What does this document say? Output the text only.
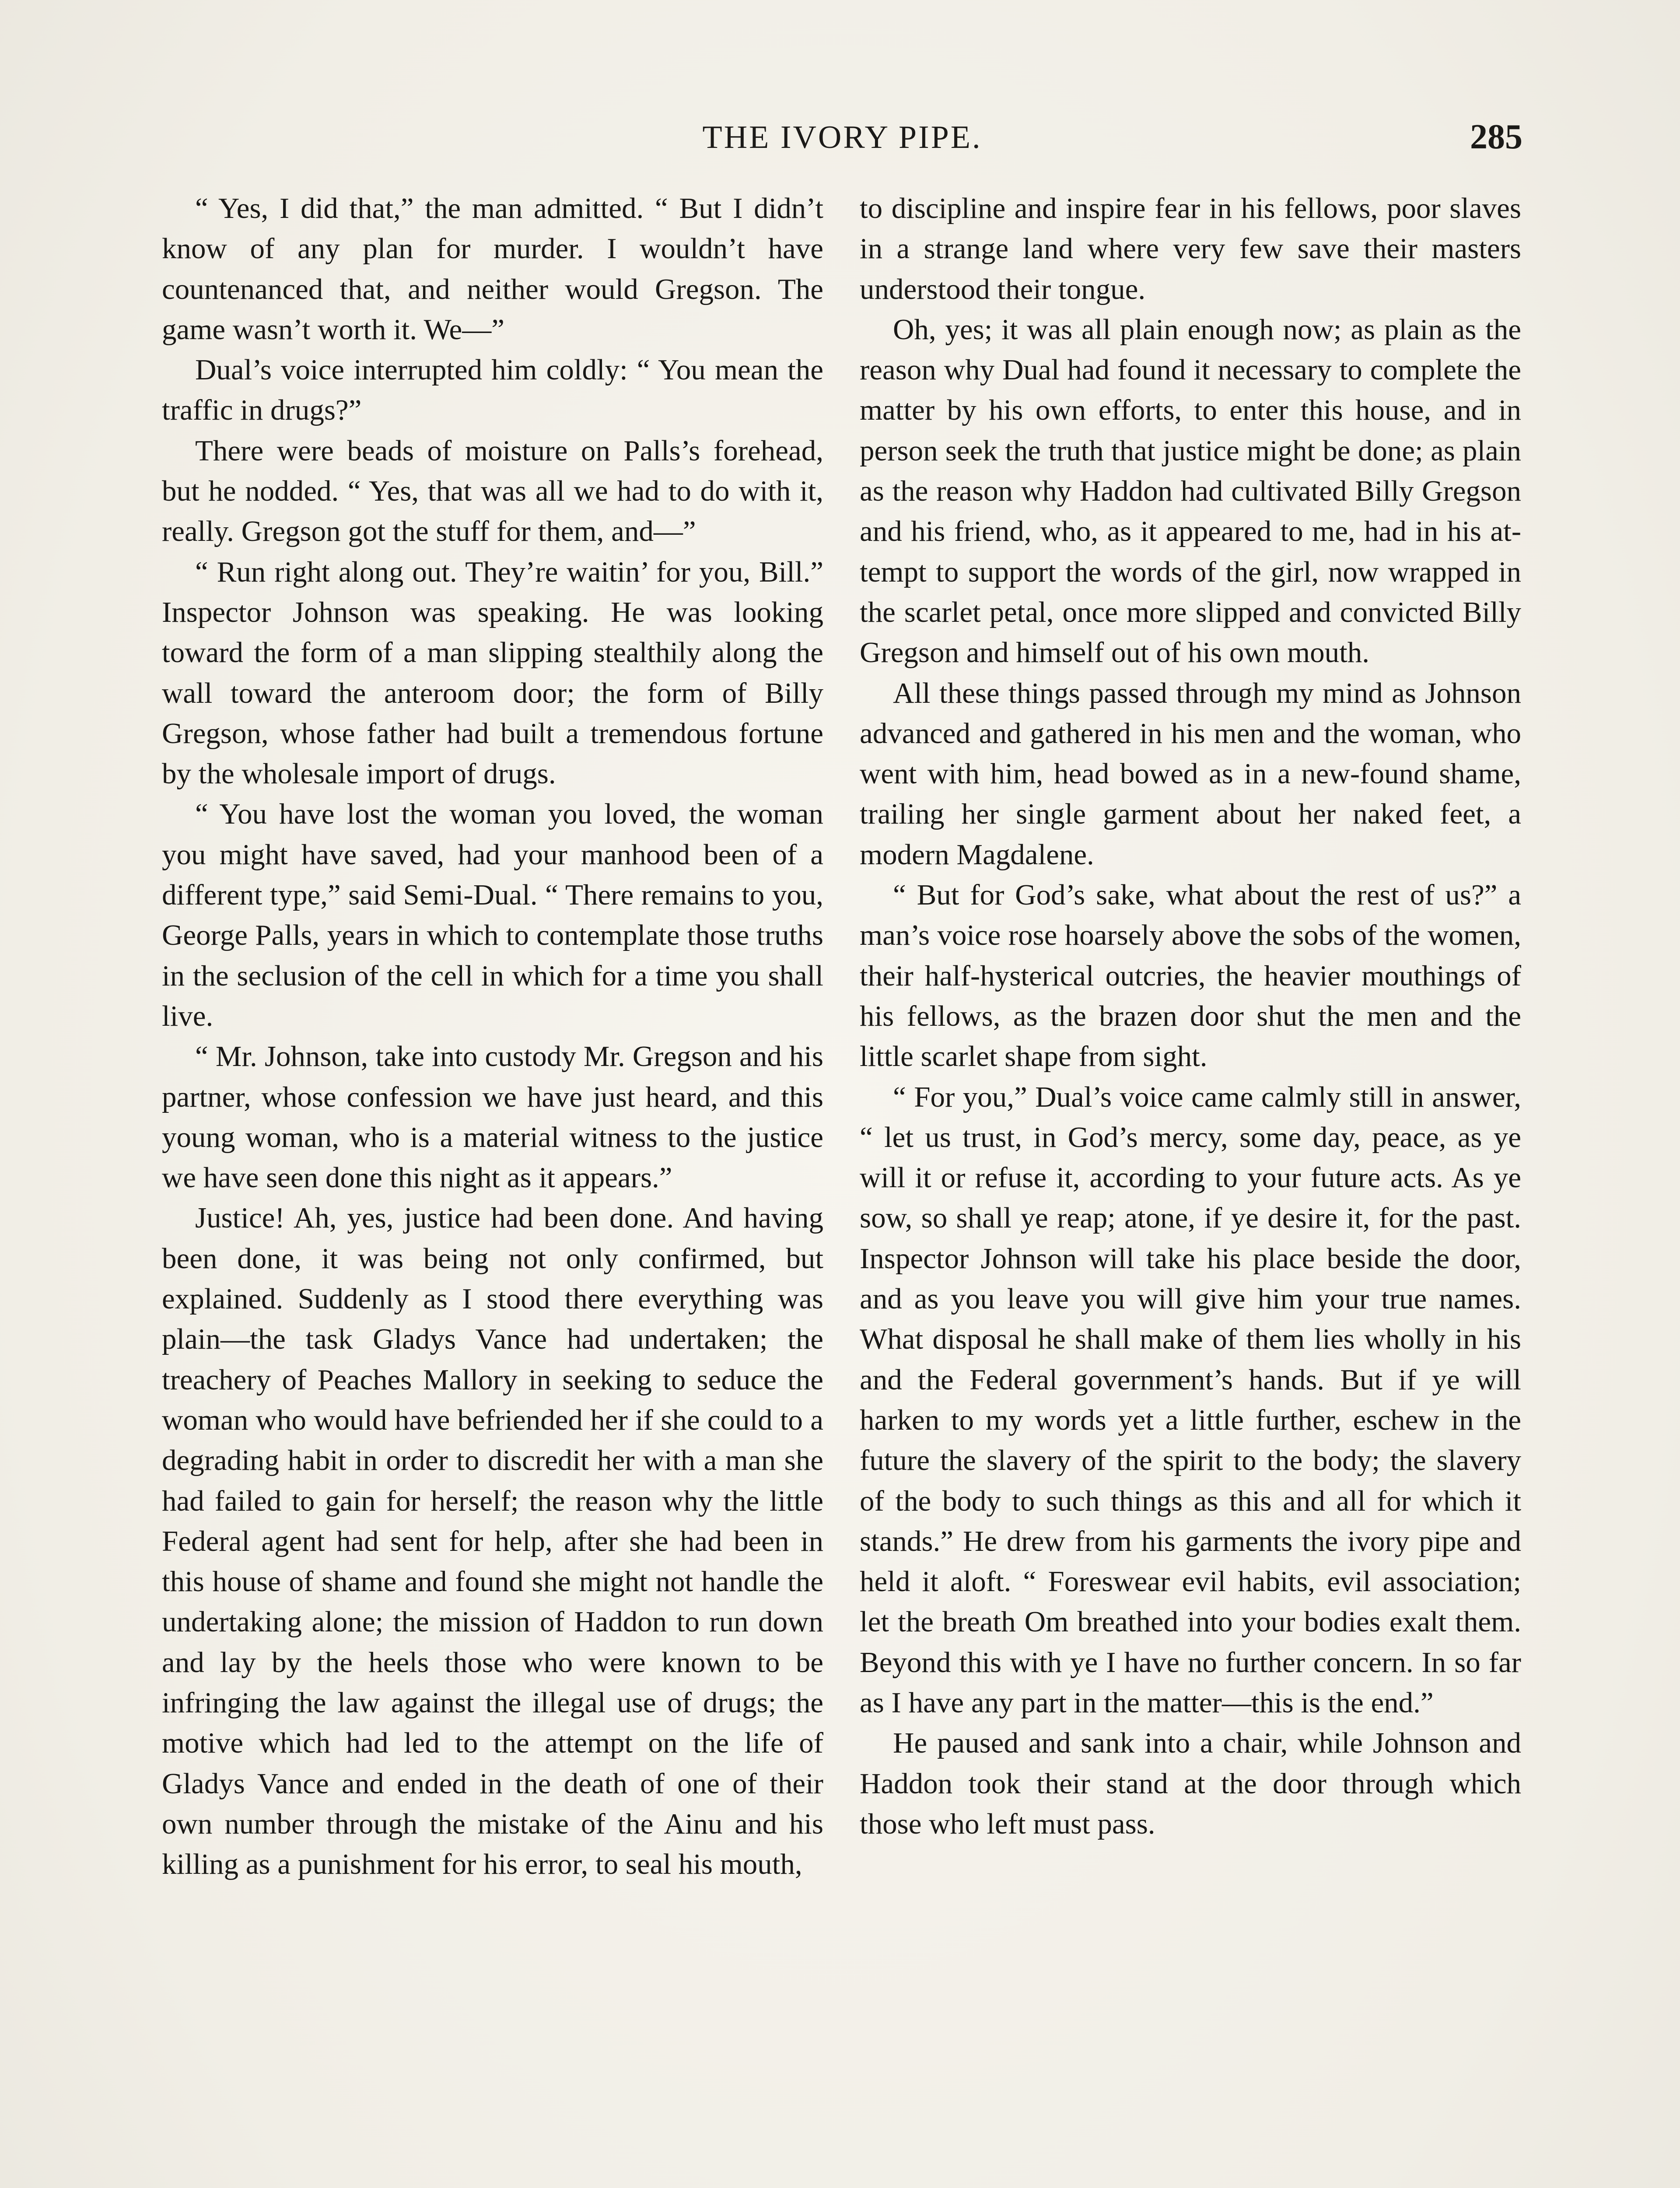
THE IVORY PIPE.	285

“ Yes, I did that,” the man admitted. “ But I didn’t know of any plan for murder. I wouldn’t have countenanced that, and neither would Gregson. The game wasn’t worth it. We—”

Dual’s voice interrupted him coldly: “ You mean the traffic in drugs?”

There were beads of moisture on Palls’s forehead, but he nodded. “ Yes, that was all we had to do with it, really. Gregson got the stuff for them, and—”

“ Run right along out. They’re waitin’ for you, Bill.” Inspector Johnson was speaking. He was looking toward the form of a man slipping stealthily along the wall toward the anteroom door; the form of Billy Gregson, whose father had built a tremendous fortune by the wholesale import of drugs.

“ You have lost the woman you loved, the woman you might have saved, had your manhood been of a different type,” said Semi-Dual. “ There remains to you, George Palls, years in which to contemplate those truths in the seclusion of the cell in which for a time you shall live.

“ Mr. Johnson, take into custody Mr. Gregson and his partner, whose confession we have just heard, and this young woman, who is a material witness to the justice we have seen done this night as it appears.”

Justice! Ah, yes, justice had been done. And having been done, it was being not only confirmed, but explained. Suddenly as I stood there everything was plain—the task Gladys Vance had undertaken; the treachery of Peaches Mallory in seeking to seduce the woman who would have befriended her if she could to a degrading habit in order to discredit her with a man she had failed to gain for herself; the reason why the little Federal agent had sent for help, after she had been in this house of shame and found she might not handle the undertaking alone; the mission of Haddon to run down and lay by the heels those who were known to be infringing the law against the illegal use of drugs; the motive which had led to the attempt on the life of Gladys Vance and ended in the death of one of their own number through the mistake of the Ainu and his killing as a punishment for his error, to seal his mouth,

to discipline and inspire fear in his fellows, poor slaves in a strange land where very few save their masters understood their tongue.

Oh, yes; it was all plain enough now; as plain as the reason why Dual had found it necessary to complete the matter by his own efforts, to enter this house, and in person seek the truth that justice might be done; as plain as the reason why Haddon had cultivated Billy Gregson and his friend, who, as it appeared to me, had in his attempt to support the words of the girl, now wrapped in the scarlet petal, once more slipped and convicted Billy Gregson and himself out of his own mouth.

All these things passed through my mind as Johnson advanced and gathered in his men and the woman, who went with him, head bowed as in a new-found shame, trailing her single garment about her naked feet, a modern Magdalene.

“ But for God’s sake, what about the rest of us?” a man’s voice rose hoarsely above the sobs of the women, their half-hysterical outcries, the heavier mouthings of his fellows, as the brazen door shut the men and the little scarlet shape from sight.

“ For you,” Dual’s voice came calmly still in answer, “ let us trust, in God’s mercy, some day, peace, as ye will it or refuse it, according to your future acts. As ye sow, so shall ye reap; atone, if ye desire it, for the past. Inspector Johnson will take his place beside the door, and as you leave you will give him your true names. What disposal he shall make of them lies wholly in his and the Federal government’s hands. But if ye will harken to my words yet a little further, eschew in the future the slavery of the spirit to the body; the slavery of the body to such things as this and all for which it stands.” He drew from his garments the ivory pipe and held it aloft. “ Foreswear evil habits, evil association; let the breath Om breathed into your bodies exalt them. Beyond this with ye I have no further concern. In so far as I have any part in the matter—this is the end.”

He paused and sank into a chair, while Johnson and Haddon took their stand at the door through which those who left must pass.
